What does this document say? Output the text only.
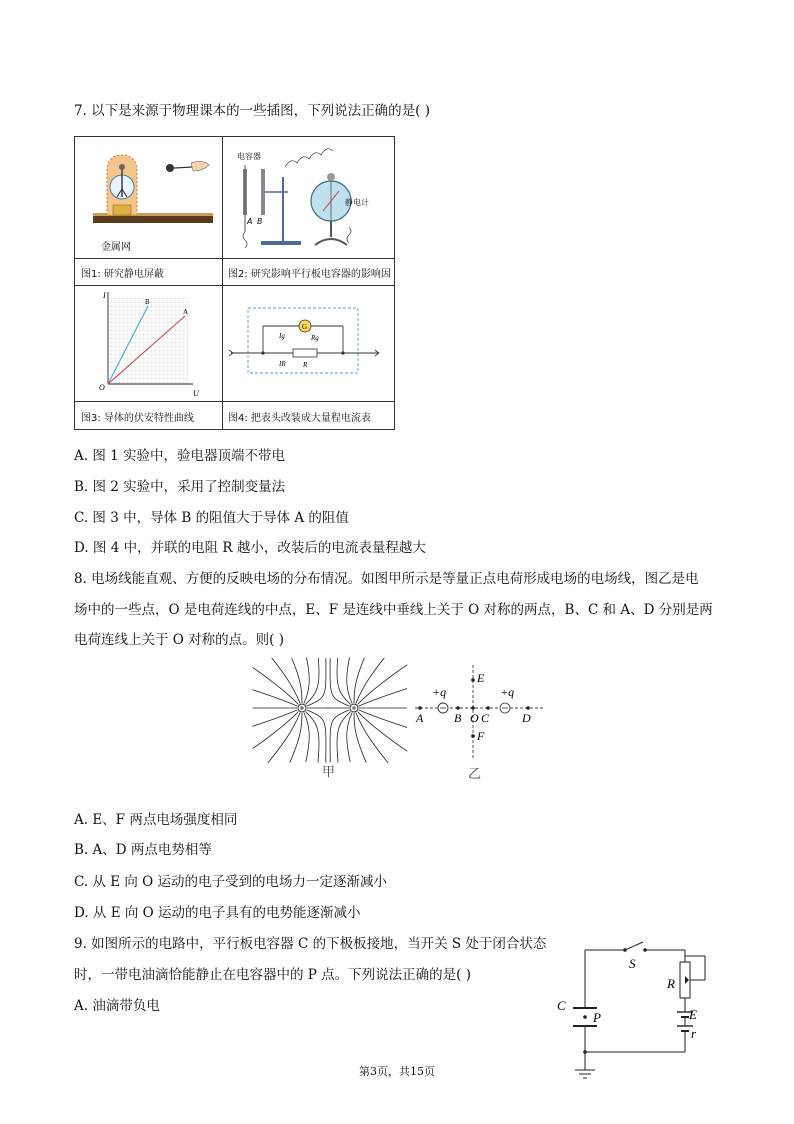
7. 以下是来源于物理课本的一些插图，下列说法正确的是( )
金属网
电容器
静电计
A B
图1: 研究静电屏蔽	图2: 研究影响平行板电容器的影响因
I
U
O
B
A
G
Rg
Ig
R
IR
图3: 导体的伏安特性曲线	图4: 把表头改装成大量程电流表
A. 图 1 实验中，验电器顶端不带电
B. 图 2 实验中，采用了控制变量法
C. 图 3 中，导体 B 的阻值大于导体 A 的阻值
D. 图 4 中，并联的电阻 R 越小，改装后的电流表量程越大
8. 电场线能直观、方便的反映电场的分布情况。如图甲所示是等量正点电荷形成电场的电场线，图乙是电
场中的一些点，O 是电荷连线的中点，E、F 是连线中垂线上关于 O 对称的两点，B、C 和 A、D 分别是两
电荷连线上关于 O 对称的点。则( )
甲
+q	+q
A	B O C	D
E
F
乙
A. E、F 两点电场强度相同
B. A、D 两点电势相等
C. 从 E 向 O 运动的电子受到的电场力一定逐渐减小
D. 从 E 向 O 运动的电子具有的电势能逐渐减小
9. 如图所示的电路中，平行板电容器 C 的下极板接地，当开关 S 处于闭合状态
时，一带电油滴恰能静止在电容器中的 P 点。下列说法正确的是( )
A. 油滴带负电
S
R
E
r
C
P
第3页，共15页
